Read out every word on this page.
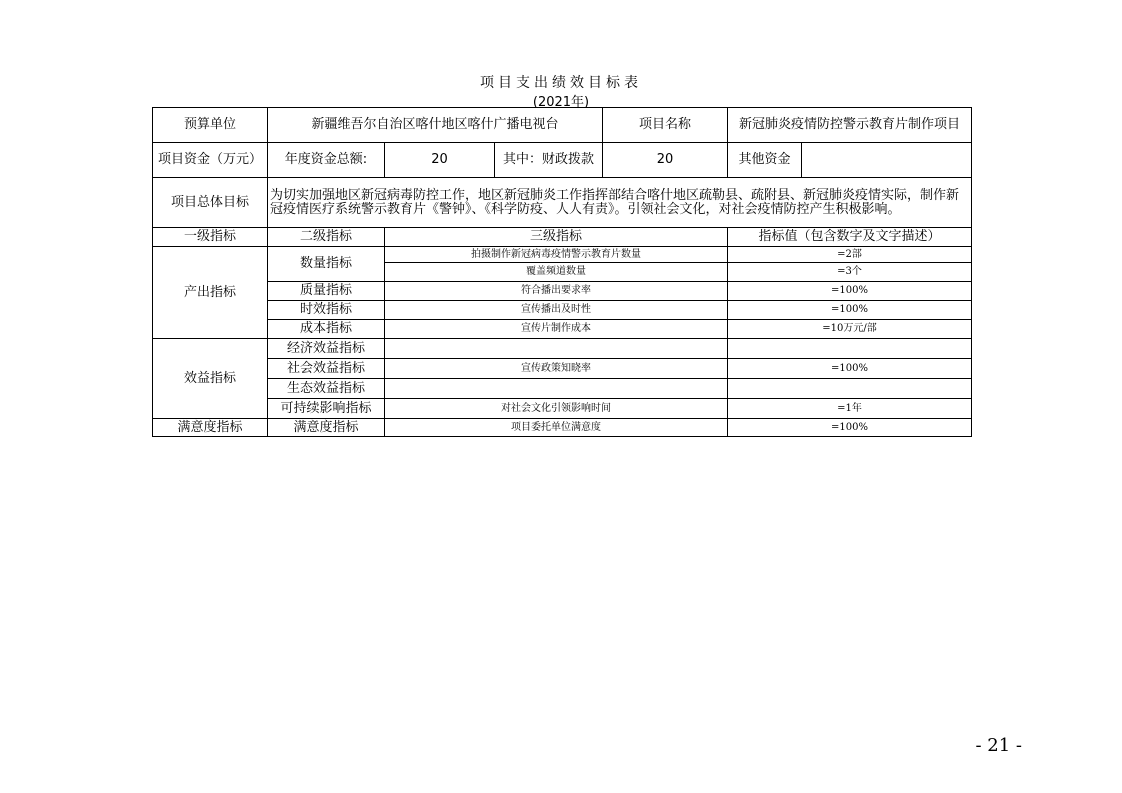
项目支出绩效目标表
(2021年)
预算单位	新疆维吾尔自治区喀什地区喀什广播电视台			项目名称	新冠肺炎疫情防控警示教育片制作项目	
项目资金（万元）	年度资金总额:	20	其中：财政拨款	20	其他资金	
项目总体目标	为切实加强地区新冠病毒防控工作，地区新冠肺炎工作指挥部结合喀什地区疏勒县、疏附县、新冠肺炎疫情实际，制作新冠疫情医疗系统警示教育片《警钟》、《科学防疫、人人有责》。引领社会文化，对社会疫情防控产生积极影响。					
一级指标	二级指标	三级指标			指标值（包含数字及文字描述）	
产出指标	数量指标	拍摄制作新冠病毒疫情警示教育片数量			=2部	
		覆盖频道数量			=3个	
	质量指标	符合播出要求率			=100%	
	时效指标	宣传播出及时性			=100%	
	成本指标	宣传片制作成本			=10万元/部	
效益指标	经济效益指标					
	社会效益指标	宣传政策知晓率			=100%	
	生态效益指标					
	可持续影响指标	对社会文化引领影响时间			=1年	
满意度指标	满意度指标	项目委托单位满意度			=100%	
- 21 -
